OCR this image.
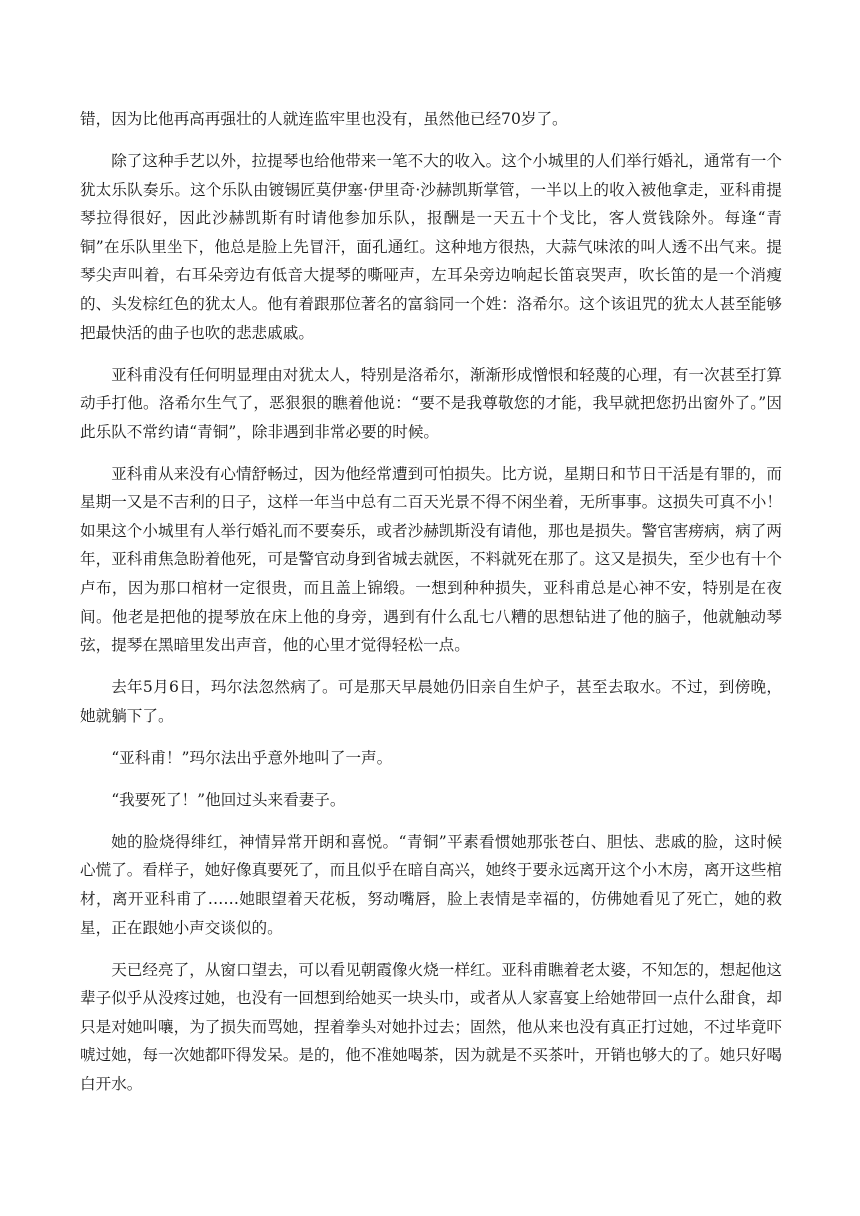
错，因为比他再高再强壮的人就连监牢里也没有，虽然他已经70岁了。

除了这种手艺以外，拉提琴也给他带来一笔不大的收入。这个小城里的人们举行婚礼，通常有一个犹太乐队奏乐。这个乐队由镀锡匠莫伊塞·伊里奇·沙赫凯斯掌管，一半以上的收入被他拿走，亚科甫提琴拉得很好，因此沙赫凯斯有时请他参加乐队，报酬是一天五十个戈比，客人赏钱除外。每逢“青铜”在乐队里坐下，他总是脸上先冒汗，面孔通红。这种地方很热，大蒜气味浓的叫人透不出气来。提琴尖声叫着，右耳朵旁边有低音大提琴的嘶哑声，左耳朵旁边响起长笛哀哭声，吹长笛的是一个消瘦的、头发棕红色的犹太人。他有着跟那位著名的富翁同一个姓：洛希尔。这个该诅咒的犹太人甚至能够把最快活的曲子也吹的悲悲戚戚。

亚科甫没有任何明显理由对犹太人，特别是洛希尔，渐渐形成憎恨和轻蔑的心理，有一次甚至打算动手打他。洛希尔生气了，恶狠狠的瞧着他说：“要不是我尊敬您的才能，我早就把您扔出窗外了。”因此乐队不常约请“青铜”，除非遇到非常必要的时候。

亚科甫从来没有心情舒畅过，因为他经常遭到可怕损失。比方说，星期日和节日干活是有罪的，而星期一又是不吉利的日子，这样一年当中总有二百天光景不得不闲坐着，无所事事。这损失可真不小！如果这个小城里有人举行婚礼而不要奏乐，或者沙赫凯斯没有请他，那也是损失。警官害痨病，病了两年，亚科甫焦急盼着他死，可是警官动身到省城去就医，不料就死在那了。这又是损失，至少也有十个卢布，因为那口棺材一定很贵，而且盖上锦缎。一想到种种损失，亚科甫总是心神不安，特别是在夜间。他老是把他的提琴放在床上他的身旁，遇到有什么乱七八糟的思想钻进了他的脑子，他就触动琴弦，提琴在黑暗里发出声音，他的心里才觉得轻松一点。

去年5月6日，玛尔法忽然病了。可是那天早晨她仍旧亲自生炉子，甚至去取水。不过，到傍晚，她就躺下了。

“亚科甫！”玛尔法出乎意外地叫了一声。

“我要死了！”他回过头来看妻子。

她的脸烧得绯红，神情异常开朗和喜悦。“青铜”平素看惯她那张苍白、胆怯、悲戚的脸，这时候心慌了。看样子，她好像真要死了，而且似乎在暗自高兴，她终于要永远离开这个小木房，离开这些棺材，离开亚科甫了……她眼望着天花板，努动嘴唇，脸上表情是幸福的，仿佛她看见了死亡，她的救星，正在跟她小声交谈似的。

天已经亮了，从窗口望去，可以看见朝霞像火烧一样红。亚科甫瞧着老太婆，不知怎的，想起他这辈子似乎从没疼过她，也没有一回想到给她买一块头巾，或者从人家喜宴上给她带回一点什么甜食，却只是对她叫嚷，为了损失而骂她，捏着拳头对她扑过去；固然，他从来也没有真正打过她，不过毕竟吓唬过她，每一次她都吓得发呆。是的，他不准她喝茶，因为就是不买茶叶，开销也够大的了。她只好喝白开水。
